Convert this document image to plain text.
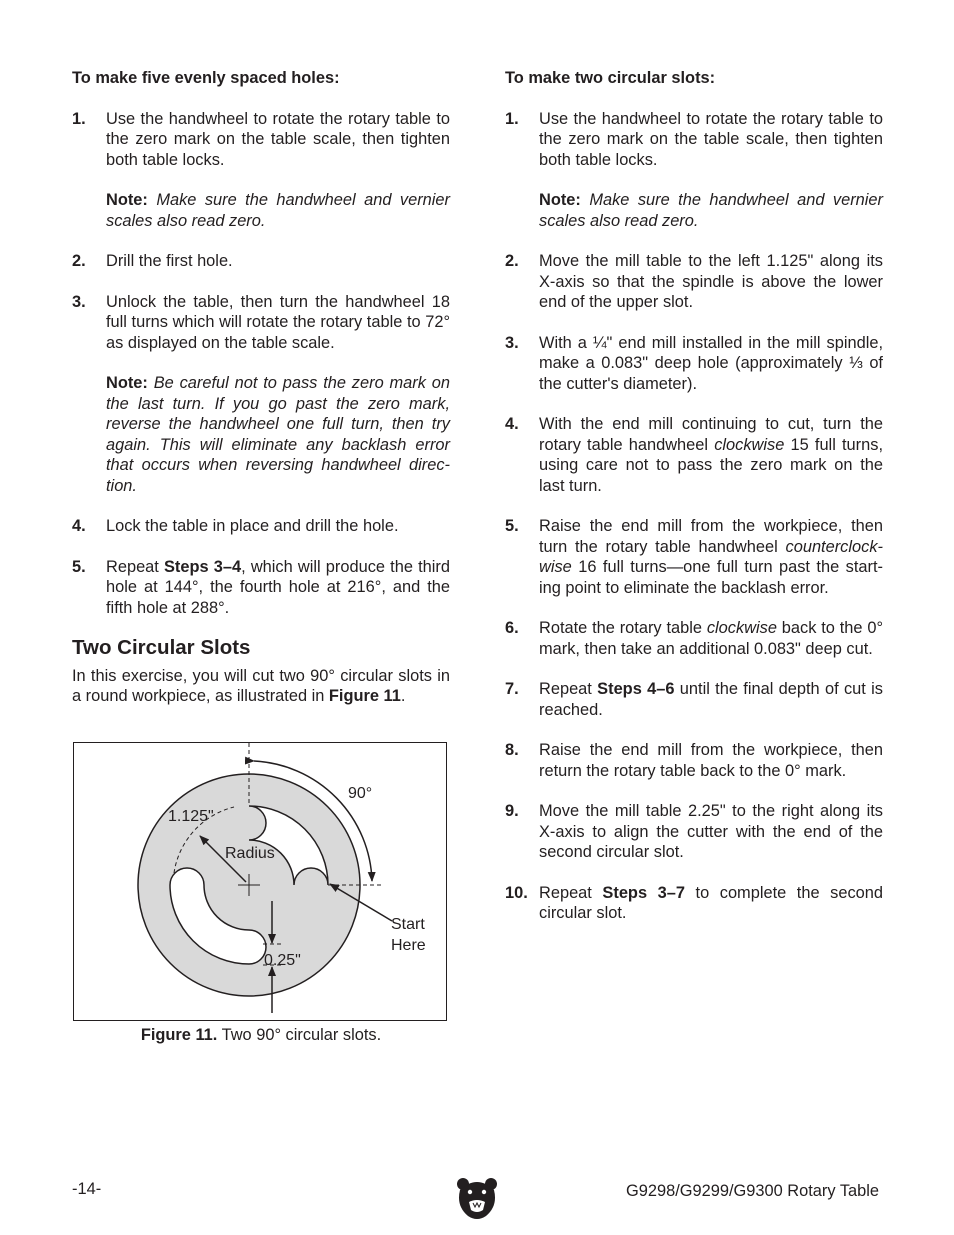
To make five evenly spaced holes:

1. Use the handwheel to rotate the rotary table to the zero mark on the table scale, then tighten both table locks.
Note: Make sure the handwheel and vernier scales also read zero.
2. Drill the first hole.
3. Unlock the table, then turn the handwheel 18 full turns which will rotate the rotary table to 72° as displayed on the table scale.
Note: Be careful not to pass the zero mark on the last turn. If you go past the zero mark, reverse the handwheel one full turn, then try again. This will eliminate any backlash error that occurs when reversing handwheel direc-tion.
4. Lock the table in place and drill the hole.
5. Repeat Steps 3–4, which will produce the third hole at 144°, the fourth hole at 216°, and the fifth hole at 288°.
Two Circular Slots

In this exercise, you will cut two 90° circular slots in a round workpiece, as illustrated in Figure 11.

90°
1.125"
Radius
Start
Here
0.25"
Figure 11. Two 90° circular slots.

To make two circular slots:

1. Use the handwheel to rotate the rotary table to the zero mark on the table scale, then tighten both table locks.
Note: Make sure the handwheel and vernier scales also read zero.
2. Move the mill table to the left 1.125" along its X-axis so that the spindle is above the lower end of the upper slot.
3. With a ¼" end mill installed in the mill spindle, make a 0.083" deep hole (approximately ⅓ of the cutter's diameter).
4. With the end mill continuing to cut, turn the rotary table handwheel clockwise 15 full turns, using care not to pass the zero mark on the last turn.
5. Raise the end mill from the workpiece, then turn the rotary table handwheel counterclock-wise 16 full turns—one full turn past the start-ing point to eliminate the backlash error.
6. Rotate the rotary table clockwise back to the 0° mark, then take an additional 0.083" deep cut.
7. Repeat Steps 4–6 until the final depth of cut is reached.
8. Raise the end mill from the workpiece, then return the rotary table back to the 0° mark.
9. Move the mill table 2.25" to the right along its X-axis to align the cutter with the end of the second circular slot.
10. Repeat Steps 3–7 to complete the second circular slot.
-14-	G9298/G9299/G9300 Rotary Table
